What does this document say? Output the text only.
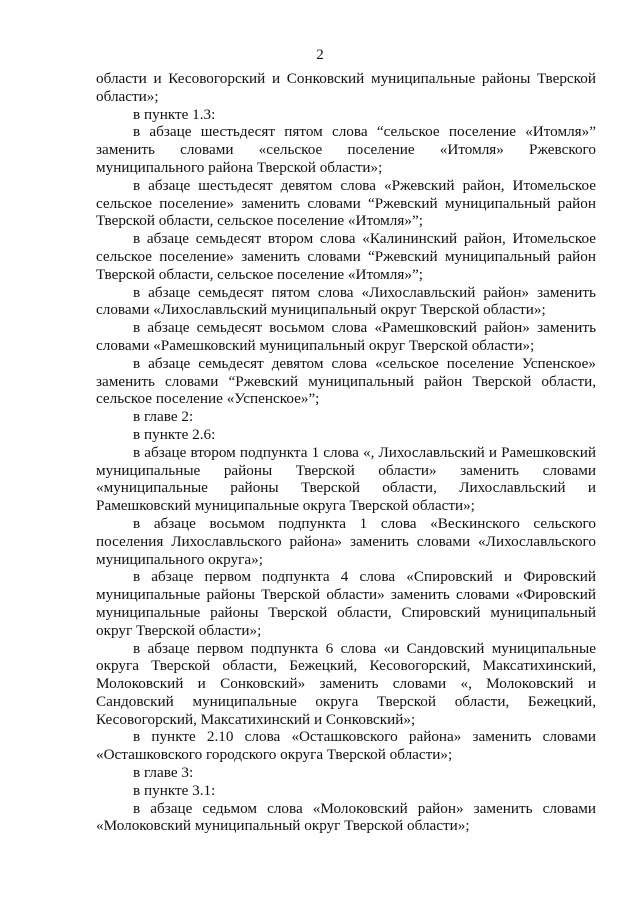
2

области и Кесовогорский и Сонковский муниципальные районы Тверской области»;

в пункте 1.3:

в абзаце шестьдесят пятом слова “сельское поселение «Итомля»” заменить словами «сельское поселение «Итомля» Ржевского муниципального района Тверской области»;

в абзаце шестьдесят девятом слова «Ржевский район, Итомельское сельское поселение» заменить словами “Ржевский муниципальный район Тверской области, сельское поселение «Итомля»”;

в абзаце семьдесят втором слова «Калининский район, Итомельское сельское поселение» заменить словами “Ржевский муниципальный район Тверской области, сельское поселение «Итомля»”;

в абзаце семьдесят пятом слова «Лихославльский район» заменить словами «Лихославльский муниципальный округ Тверской области»;

в абзаце семьдесят восьмом слова «Рамешковский район» заменить словами «Рамешковский муниципальный округ Тверской области»;

в абзаце семьдесят девятом слова «сельское поселение Успенское» заменить словами “Ржевский муниципальный район Тверской области, сельское поселение «Успенское»”;

в главе 2:

в пункте 2.6:

в абзаце втором подпункта 1 слова «, Лихославльский и Рамешковский муниципальные районы Тверской области» заменить словами «муниципальные районы Тверской области, Лихославльский и Рамешковский муниципальные округа Тверской области»;

в абзаце восьмом подпункта 1 слова «Вескинского сельского поселения Лихославльского района» заменить словами «Лихославльского муниципального округа»;

в абзаце первом подпункта 4 слова «Спировский и Фировский муниципальные районы Тверской области» заменить словами «Фировский муниципальные районы Тверской области, Спировский муниципальный округ Тверской области»;

в абзаце первом подпункта 6 слова «и Сандовский муниципальные округа Тверской области, Бежецкий, Кесовогорский, Максатихинский, Молоковский и Сонковский» заменить словами «, Молоковский и Сандовский муниципальные округа Тверской области, Бежецкий, Кесовогорский, Максатихинский и Сонковский»;

в пункте 2.10 слова «Осташковского района» заменить словами «Осташковского городского округа Тверской области»;

в главе 3:

в пункте 3.1:

в абзаце седьмом слова «Молоковский район» заменить словами «Молоковский муниципальный округ Тверской области»;
